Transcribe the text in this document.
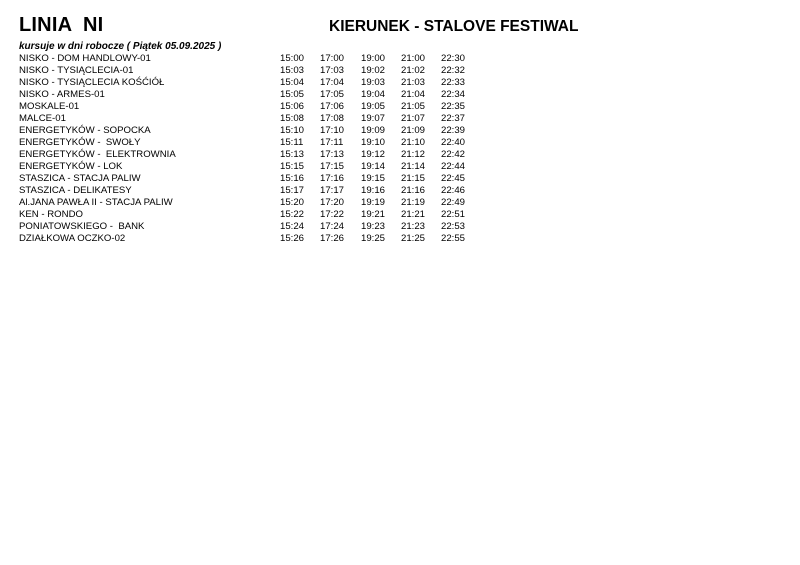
LINIA  NI	KIERUNEK - STALOVE FESTIWAL
kursuje w dni robocze ( Piątek 05.09.2025 )
NISKO - DOM HANDLOWY-01	15:00 17:00 19:00 21:00 22:30
NISKO - TYSIĄCLECIA-01	15:03 17:03 19:02 21:02 22:32
NISKO - TYSIĄCLECIA KOŚĆIÓŁ	15:04 17:04 19:03 21:03 22:33
NISKO - ARMES-01	15:05 17:05 19:04 21:04 22:34
MOSKALE-01	15:06 17:06 19:05 21:05 22:35
MALCE-01	15:08 17:08 19:07 21:07 22:37
ENERGETYKÓW - SOPOCKA	15:10 17:10 19:09 21:09 22:39
ENERGETYKÓW -  SWOŁY	15:11 17:11 19:10 21:10 22:40
ENERGETYKÓW -  ELEKTROWNIA	15:13 17:13 19:12 21:12 22:42
ENERGETYKÓW - LOK	15:15 17:15 19:14 21:14 22:44
STASZICA - STACJA PALIW	15:16 17:16 19:15 21:15 22:45
STASZICA - DELIKATESY	15:17 17:17 19:16 21:16 22:46
Al.JANA PAWŁA II - STACJA PALIW	15:20 17:20 19:19 21:19 22:49
KEN - RONDO	15:22 17:22 19:21 21:21 22:51
PONIATOWSKIEGO -  BANK	15:24 17:24 19:23 21:23 22:53
DZIAŁKOWA OCZKO-02	15:26 17:26 19:25 21:25 22:55
